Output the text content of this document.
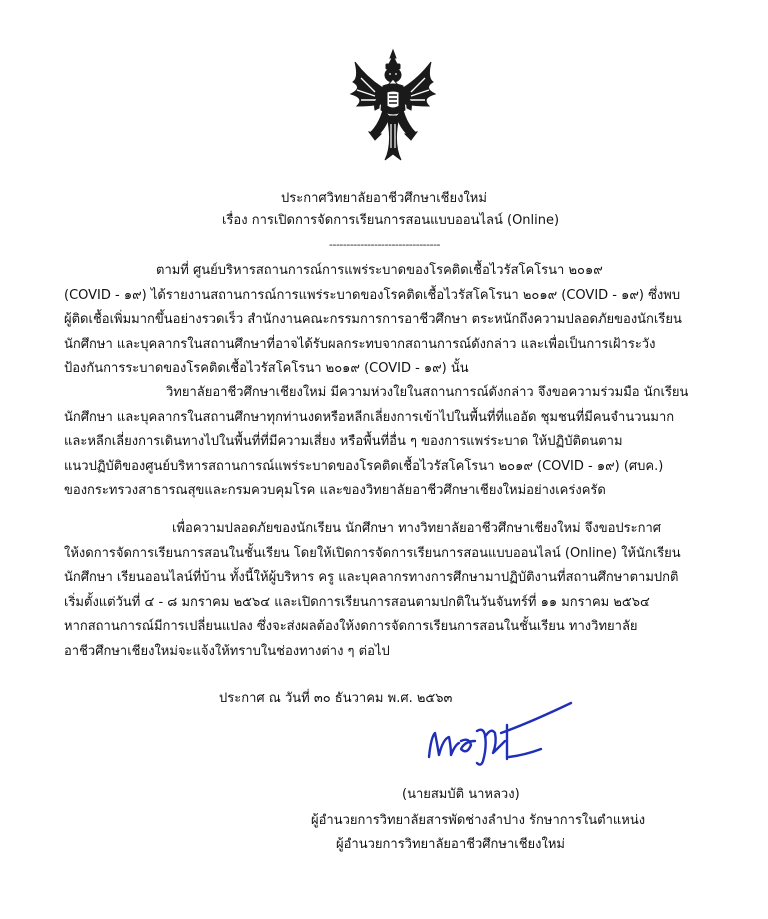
ประกาศวิทยาลัยอาชีวศึกษาเชียงใหม่
เรื่อง การเปิดการจัดการเรียนการสอนแบบออนไลน์ (Online)
--------------------------------
ตามที่ ศูนย์บริหารสถานการณ์การแพร่ระบาดของโรคติดเชื้อไวรัสโคโรนา ๒๐๑๙
(COVID - ๑๙) ได้รายงานสถานการณ์การแพร่ระบาดของโรคติดเชื้อไวรัสโคโรนา ๒๐๑๙ (COVID - ๑๙) ซึ่งพบ
ผู้ติดเชื้อเพิ่มมากขึ้นอย่างรวดเร็ว สำนักงานคณะกรรมการการอาชีวศึกษา ตระหนักถึงความปลอดภัยของนักเรียน
นักศึกษา และบุคลากรในสถานศึกษาที่อาจได้รับผลกระทบจากสถานการณ์ดังกล่าว และเพื่อเป็นการเฝ้าระวัง
ป้องกันการระบาดของโรคติดเชื้อไวรัสโคโรนา ๒๐๑๙ (COVID - ๑๙) นั้น
วิทยาลัยอาชีวศึกษาเชียงใหม่ มีความห่วงใยในสถานการณ์ดังกล่าว จึงขอความร่วมมือ นักเรียน
นักศึกษา และบุคลากรในสถานศึกษาทุกท่านงดหรือหลีกเลี่ยงการเข้าไปในพื้นที่ที่แออัด ชุมชนที่มีคนจำนวนมาก
และหลีกเลี่ยงการเดินทางไปในพื้นที่ที่มีความเสี่ยง หรือพื้นที่อื่น ๆ ของการแพร่ระบาด ให้ปฏิบัติตนตาม
แนวปฏิบัติของศูนย์บริหารสถานการณ์แพร่ระบาดของโรคติดเชื้อไวรัสโคโรนา ๒๐๑๙ (COVID - ๑๙) (ศบค.)
ของกระทรวงสาธารณสุขและกรมควบคุมโรค และของวิทยาลัยอาชีวศึกษาเชียงใหม่อย่างเคร่งครัด
เพื่อความปลอดภัยของนักเรียน นักศึกษา ทางวิทยาลัยอาชีวศึกษาเชียงใหม่ จึงขอประกาศ
ให้งดการจัดการเรียนการสอนในชั้นเรียน โดยให้เปิดการจัดการเรียนการสอนแบบออนไลน์ (Online) ให้นักเรียน
นักศึกษา เรียนออนไลน์ที่บ้าน ทั้งนี้ให้ผู้บริหาร ครู และบุคลากรทางการศึกษามาปฏิบัติงานที่สถานศึกษาตามปกติ
เริ่มตั้งแต่วันที่ ๔ - ๘ มกราคม ๒๕๖๔ และเปิดการเรียนการสอนตามปกติในวันจันทร์ที่ ๑๑ มกราคม ๒๕๖๔
หากสถานการณ์มีการเปลี่ยนแปลง ซึ่งจะส่งผลต้องให้งดการจัดการเรียนการสอนในชั้นเรียน ทางวิทยาลัย
อาชีวศึกษาเชียงใหม่จะแจ้งให้ทราบในช่องทางต่าง ๆ ต่อไป
ประกาศ ณ วันที่ ๓๐ ธันวาคม พ.ศ. ๒๕๖๓
(นายสมบัติ นาหลวง)
ผู้อำนวยการวิทยาลัยสารพัดช่างลำปาง รักษาการในตำแหน่ง
ผู้อำนวยการวิทยาลัยอาชีวศึกษาเชียงใหม่
